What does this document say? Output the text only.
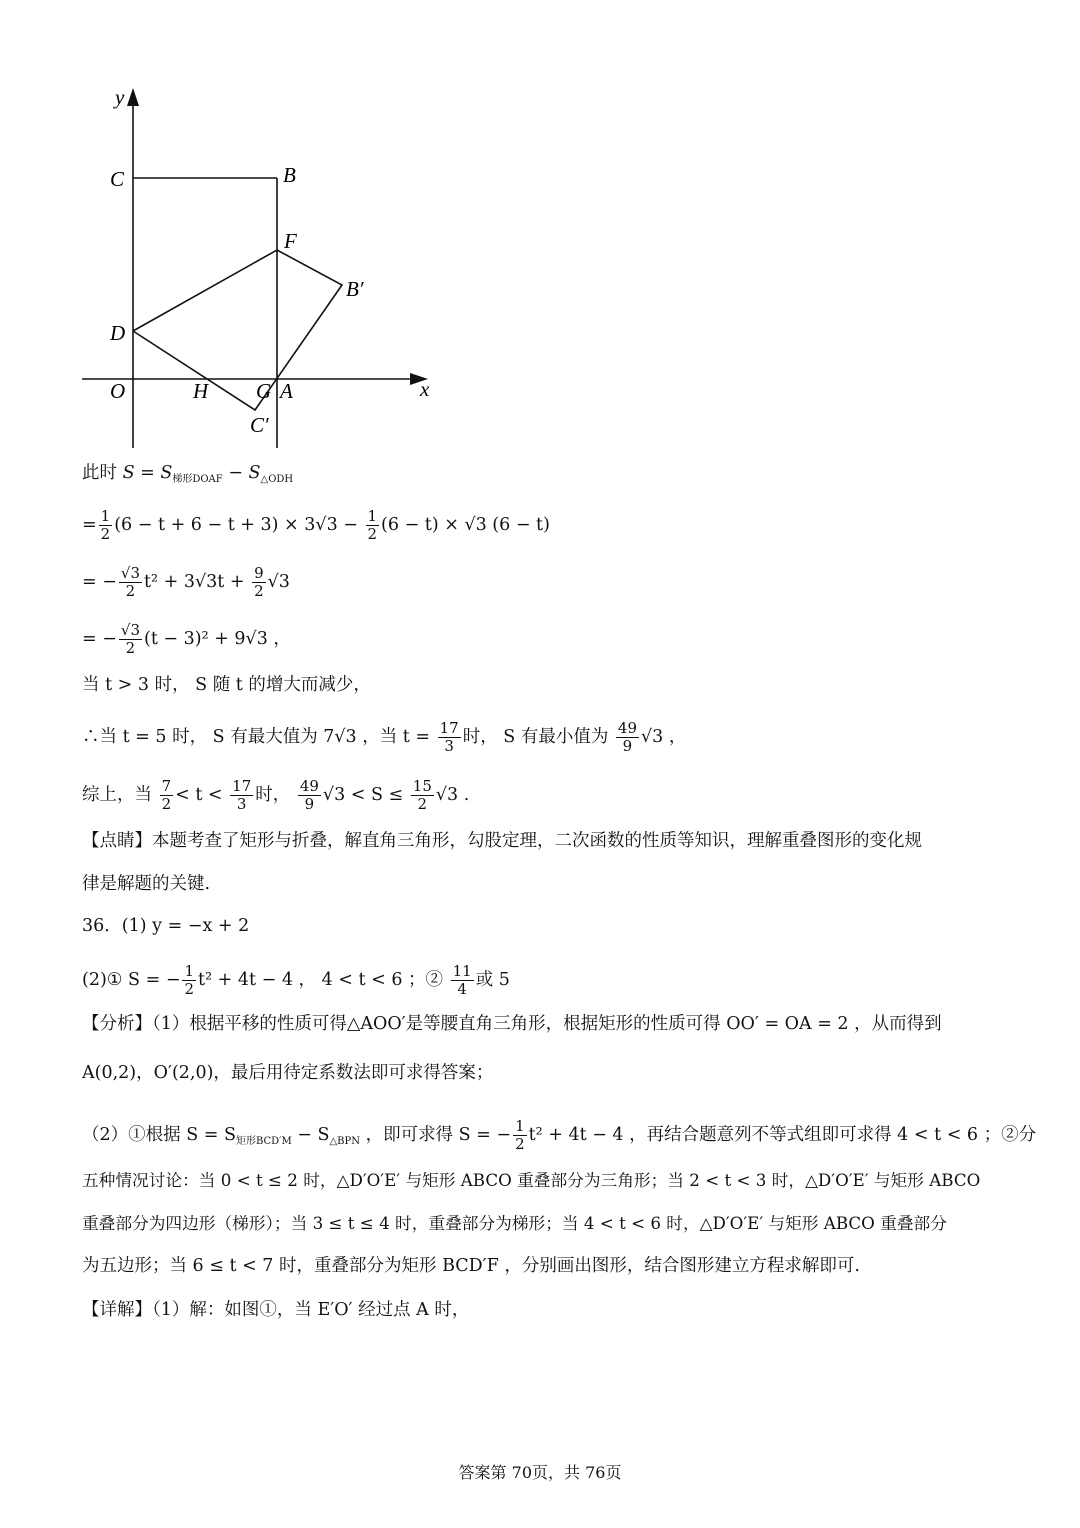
y
x
C	B
F
B′
D
O	H G A
C′
此时 $S = S_{梯形DOAF} - S_{\triangle ODH}$
= $\frac{1}{2} (6 - t + 6 - t + 3) \times 3√3 - \frac{1}{2} (6 - t) \times √3$ (6 − t)
= − $\frac{√3}{2} t^2 + 3√3t + \frac{9}{2} √3$
= − $\frac{√3}{2} (t - 3)^2 + 9√3$ ，
当 t > 3 时， S 随 t 的增大而减少，
∴当 t = 5 时， S 有最大值为 7√3 ，当 $t = \frac{17}{3}$ 时， S 有最小值为 $\frac{49}{9} √3$ ，
综上，当 $\frac{7}{2} < t < \frac{17}{3}$ 时， $\frac{49}{9} √3 < S \le \frac{15}{2} √3$ .
【点睛】本题考查了矩形与折叠，解直角三角形，勾股定理，二次函数的性质等知识，理解重叠图形的变化规
律是解题的关键.
36．(1) y = −x + 2
(2)① S = − $\frac{1}{2} t^2 + 4t - 4$ ， 4 < t < 6 ；② $\frac{11}{4}$ 或 5
【分析】（1）根据平移的性质可得△AOO′是等腰直角三角形，根据矩形的性质可得 OO′ = OA = 2 ，从而得到
A(0,2)，O′(2,0)，最后用待定系数法即可求得答案；
（2）①根据 $S = S_{矩形BCD'M} - S_{\triangle BPN}$ ，即可求得 S = − $\frac{1}{2} t^2 + 4t - 4$ ，再结合题意列不等式组即可求得 4 < t < 6 ；②分
五种情况讨论：当 0 < t ≤ 2 时，△D′O′E′ 与矩形 ABCO 重叠部分为三角形；当 2 < t < 3 时，△D′O′E′ 与矩形 ABCO
重叠部分为四边形（梯形）；当 3 ≤ t ≤ 4 时，重叠部分为梯形；当 4 < t < 6 时，△D′O′E′ 与矩形 ABCO 重叠部分
为五边形；当 6 ≤ t < 7 时，重叠部分为矩形 BCD′F ，分别画出图形，结合图形建立方程求解即可.
【详解】（1）解：如图①，当 E′O′ 经过点 A 时，
答案第 70页，共 76页
